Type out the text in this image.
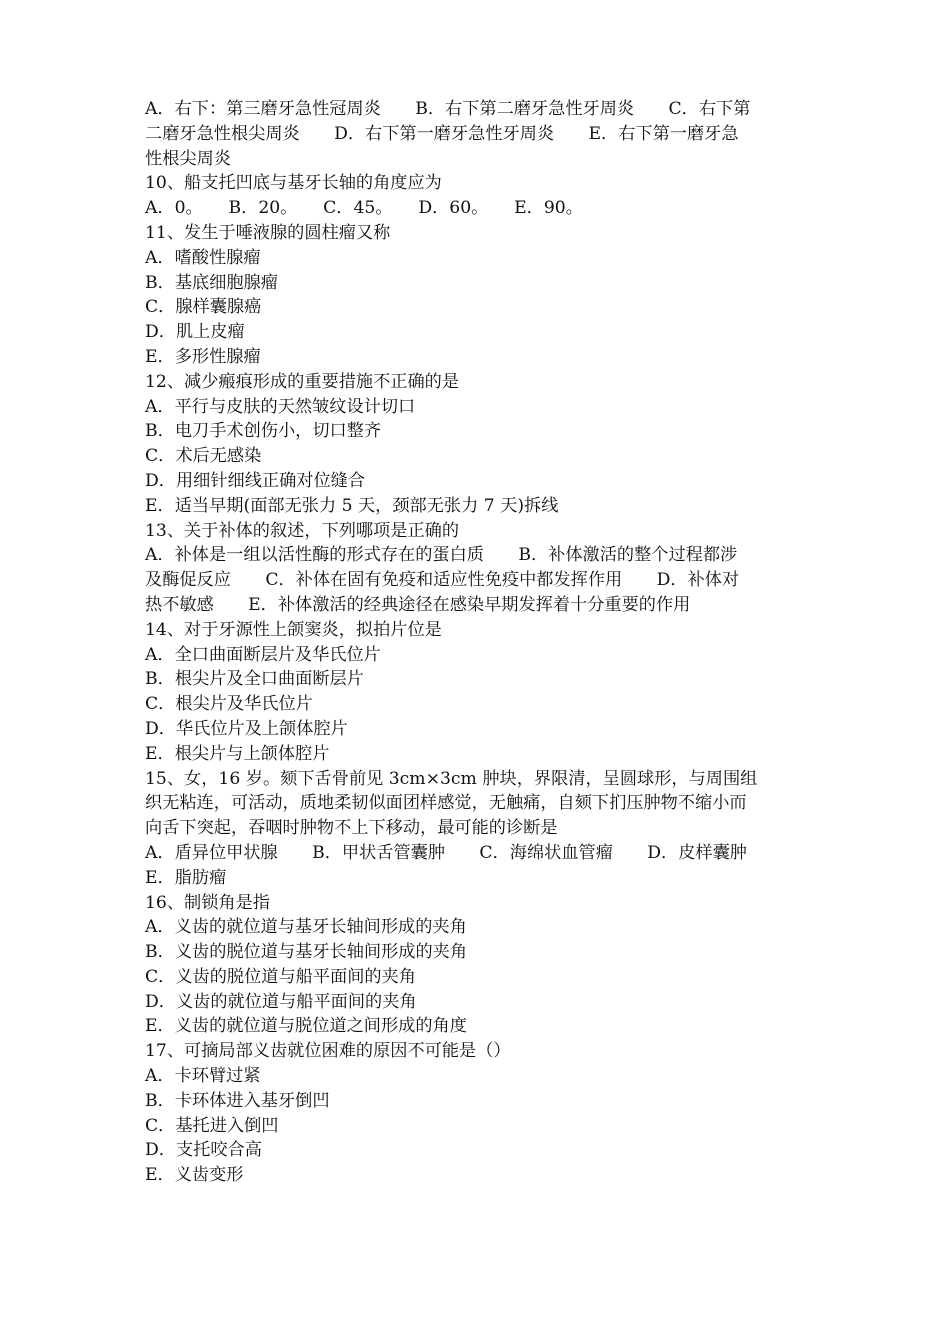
A．右下：第三磨牙急性冠周炎　　B．右下第二磨牙急性牙周炎　　C．右下第
二磨牙急性根尖周炎　　D．右下第一磨牙急性牙周炎　　E．右下第一磨牙急
性根尖周炎
10、船支托凹底与基牙长轴的角度应为
A．0。　　B．20。　　C．45。　　D．60。　　E．90。
11、发生于唾液腺的圆柱瘤又称
A．嗜酸性腺瘤
B．基底细胞腺瘤
C．腺样囊腺癌
D．肌上皮瘤
E．多形性腺瘤
12、减少瘢痕形成的重要措施不正确的是
A．平行与皮肤的天然皱纹设计切口
B．电刀手术创伤小，切口整齐
C．术后无感染
D．用细针细线正确对位缝合
E．适当早期(面部无张力 5 天，颈部无张力 7 天)拆线
13、关于补体的叙述，下列哪项是正确的
A．补体是一组以活性酶的形式存在的蛋白质　　B．补体激活的整个过程都涉
及酶促反应　　C．补体在固有免疫和适应性免疫中都发挥作用　　D．补体对
热不敏感　　E．补体激活的经典途径在感染早期发挥着十分重要的作用
14、对于牙源性上颌窦炎，拟拍片位是
A．全口曲面断层片及华氏位片
B．根尖片及全口曲面断层片
C．根尖片及华氏位片
D．华氏位片及上颌体腔片
E．根尖片与上颌体腔片
15、女，16 岁。颏下舌骨前见 3cm×3cm 肿块，界限清，呈圆球形，与周围组
织无粘连，可活动，质地柔韧似面团样感觉，无触痛，自颏下扪压肿物不缩小而
向舌下突起，吞咽时肿物不上下移动，最可能的诊断是
A．盾异位甲状腺　　B．甲状舌管囊肿　　C．海绵状血管瘤　　D．皮样囊肿
E．脂肪瘤
16、制锁角是指
A．义齿的就位道与基牙长轴间形成的夹角
B．义齿的脱位道与基牙长轴间形成的夹角
C．义齿的脱位道与船平面间的夹角
D．义齿的就位道与船平面间的夹角
E．义齿的就位道与脱位道之间形成的角度
17、可摘局部义齿就位困难的原因不可能是（）
A．卡环臂过紧
B．卡环体进入基牙倒凹
C．基托进入倒凹
D．支托咬合高
E．义齿变形
